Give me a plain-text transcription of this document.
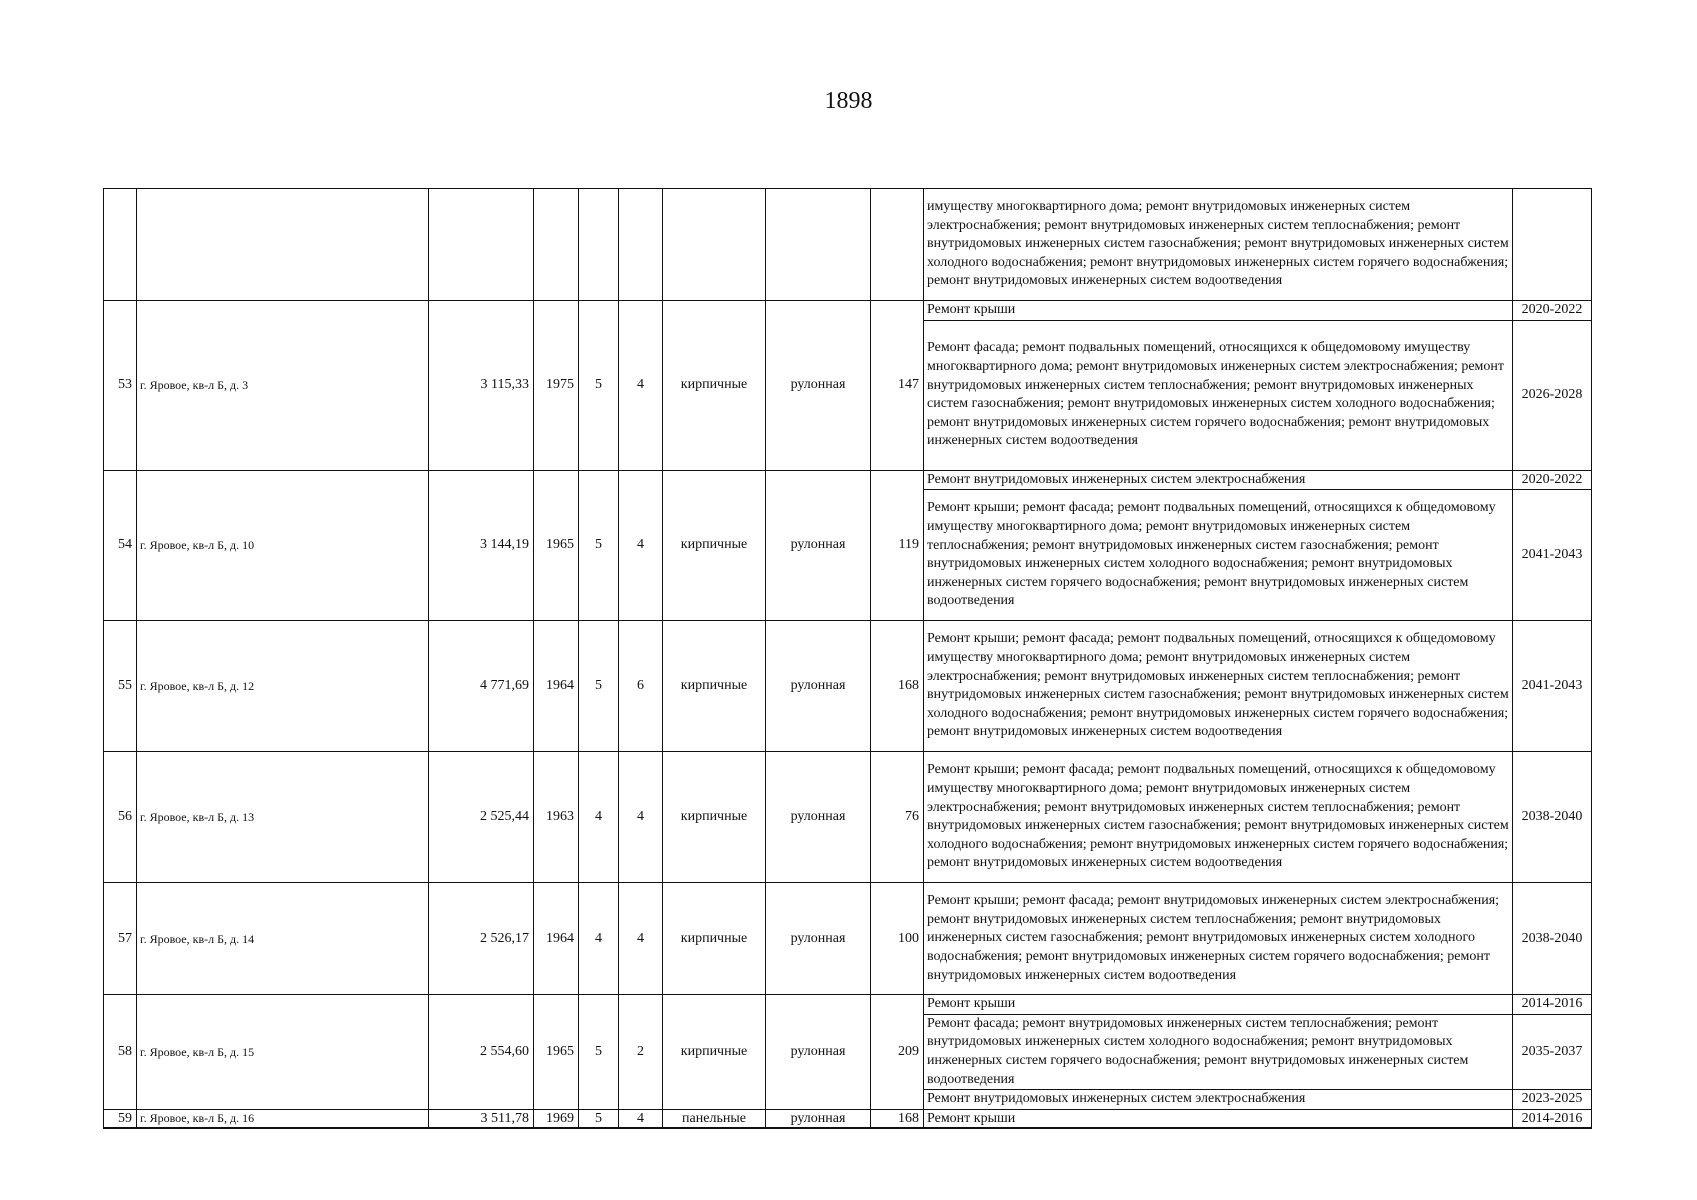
1898
									имуществу многоквартирного дома; ремонт внутридомовых инженерных систем электроснабжения; ремонт внутридомовых инженерных систем теплоснабжения; ремонт внутридомовых инженерных систем газоснабжения; ремонт внутридомовых инженерных систем холодного водоснабжения; ремонт внутридомовых инженерных систем горячего водоснабжения; ремонт внутридомовых инженерных систем водоотведения	
53	г. Яровое, кв-л Б, д. 3	3 115,33	1975	5	4	кирпичные	рулонная	147	Ремонт крыши	2020-2022
									Ремонт фасада; ремонт подвальных помещений, относящихся к общедомовому имуществу многоквартирного дома; ремонт внутридомовых инженерных систем электроснабжения; ремонт внутридомовых инженерных систем теплоснабжения; ремонт внутридомовых инженерных систем газоснабжения; ремонт внутридомовых инженерных систем холодного водоснабжения; ремонт внутридомовых инженерных систем горячего водоснабжения; ремонт внутридомовых инженерных систем водоотведения	2026-2028
54	г. Яровое, кв-л Б, д. 10	3 144,19	1965	5	4	кирпичные	рулонная	119	Ремонт внутридомовых инженерных систем электроснабжения	2020-2022
									Ремонт крыши; ремонт фасада; ремонт подвальных помещений, относящихся к общедомовому имуществу многоквартирного дома; ремонт внутридомовых инженерных систем теплоснабжения; ремонт внутридомовых инженерных систем газоснабжения; ремонт внутридомовых инженерных систем холодного водоснабжения; ремонт внутридомовых инженерных систем горячего водоснабжения; ремонт внутридомовых инженерных систем водоотведения	2041-2043
55	г. Яровое, кв-л Б, д. 12	4 771,69	1964	5	6	кирпичные	рулонная	168	Ремонт крыши; ремонт фасада; ремонт подвальных помещений, относящихся к общедомовому имуществу многоквартирного дома; ремонт внутридомовых инженерных систем электроснабжения; ремонт внутридомовых инженерных систем теплоснабжения; ремонт внутридомовых инженерных систем газоснабжения; ремонт внутридомовых инженерных систем холодного водоснабжения; ремонт внутридомовых инженерных систем горячего водоснабжения; ремонт внутридомовых инженерных систем водоотведения	2041-2043
56	г. Яровое, кв-л Б, д. 13	2 525,44	1963	4	4	кирпичные	рулонная	76	Ремонт крыши; ремонт фасада; ремонт подвальных помещений, относящихся к общедомовому имуществу многоквартирного дома; ремонт внутридомовых инженерных систем электроснабжения; ремонт внутридомовых инженерных систем теплоснабжения; ремонт внутридомовых инженерных систем газоснабжения; ремонт внутридомовых инженерных систем холодного водоснабжения; ремонт внутридомовых инженерных систем горячего водоснабжения; ремонт внутридомовых инженерных систем водоотведения	2038-2040
57	г. Яровое, кв-л Б, д. 14	2 526,17	1964	4	4	кирпичные	рулонная	100	Ремонт крыши; ремонт фасада; ремонт внутридомовых инженерных систем электроснабжения; ремонт внутридомовых инженерных систем теплоснабжения; ремонт внутридомовых инженерных систем газоснабжения; ремонт внутридомовых инженерных систем холодного водоснабжения; ремонт внутридомовых инженерных систем горячего водоснабжения; ремонт внутридомовых инженерных систем водоотведения	2038-2040
58	г. Яровое, кв-л Б, д. 15	2 554,60	1965	5	2	кирпичные	рулонная	209	Ремонт крыши	2014-2016
									Ремонт фасада; ремонт внутридомовых инженерных систем теплоснабжения; ремонт внутридомовых инженерных систем холодного водоснабжения; ремонт внутридомовых инженерных систем горячего водоснабжения; ремонт внутридомовых инженерных систем водоотведения	2035-2037
									Ремонт внутридомовых инженерных систем электроснабжения	2023-2025
59	г. Яровое, кв-л Б, д. 16	3 511,78	1969	5	4	панельные	рулонная	168	Ремонт крыши	2014-2016
